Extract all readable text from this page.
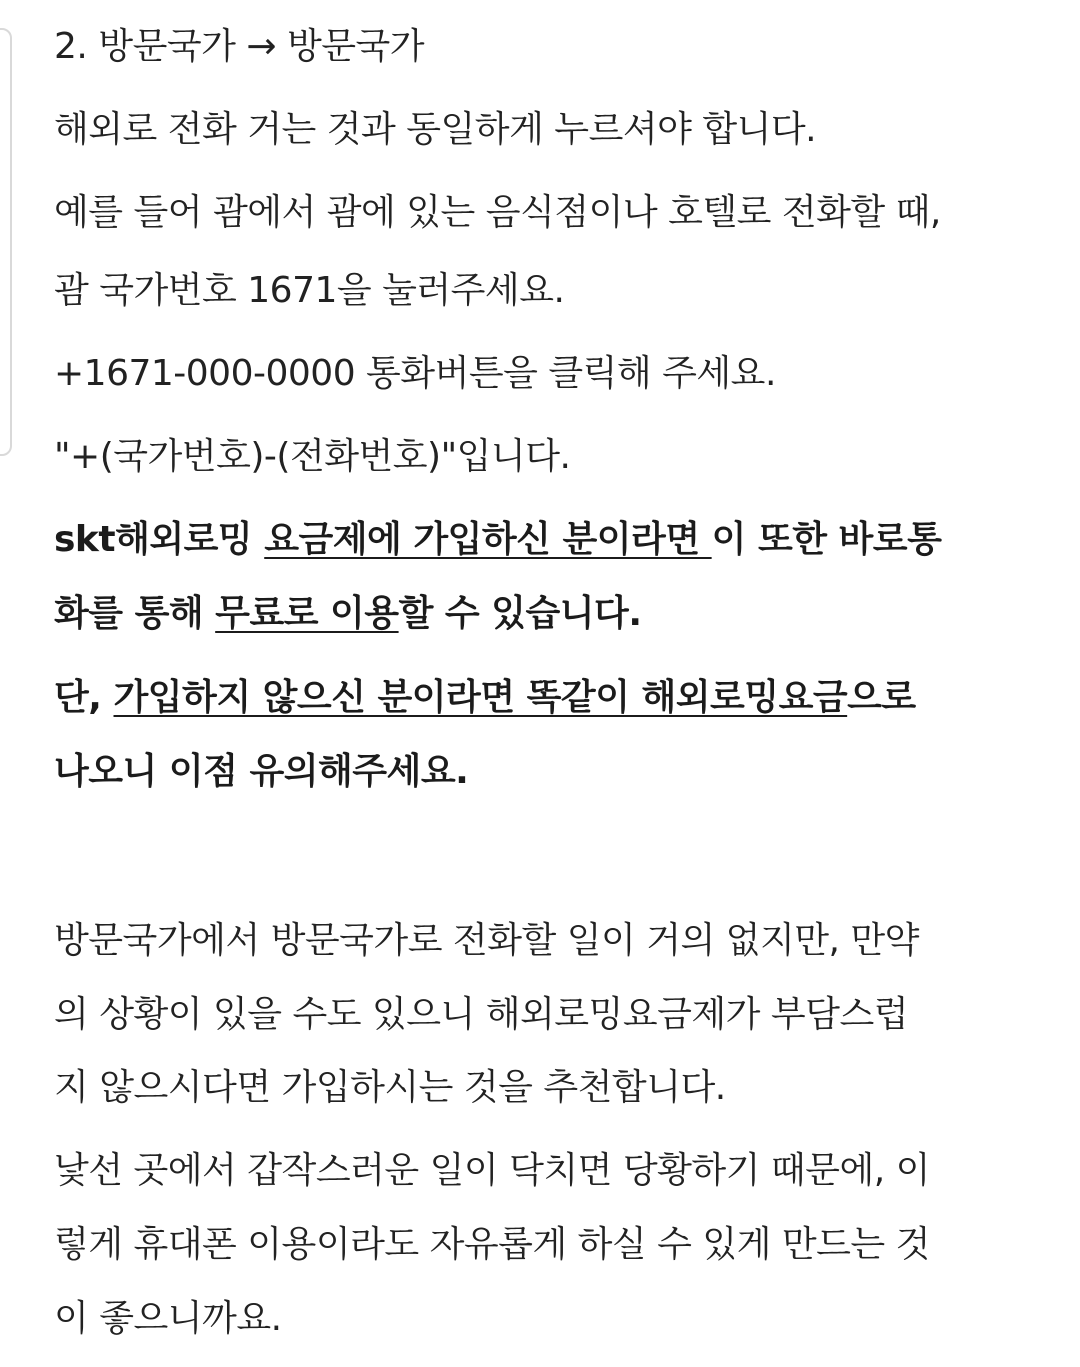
2. 방문국가 → 방문국가
해외로 전화 거는 것과 동일하게 누르셔야 합니다.
예를 들어 괌에서 괌에 있는 음식점이나 호텔로 전화할 때,
괌 국가번호 1671을 눌러주세요.
+1671-000-0000 통화버튼을 클릭해 주세요.
"+(국가번호)-(전화번호)"입니다.
skt해외로밍 요금제에 가입하신 분이라면 이 또한 바로통
화를 통해 무료로 이용할 수 있습니다.
단, 가입하지 않으신 분이라면 똑같이 해외로밍요금으로
나오니 이점 유의해주세요.
방문국가에서 방문국가로 전화할 일이 거의 없지만, 만약
의 상황이 있을 수도 있으니 해외로밍요금제가 부담스럽
지 않으시다면 가입하시는 것을 추천합니다.
낯선 곳에서 갑작스러운 일이 닥치면 당황하기 때문에, 이
렇게 휴대폰 이용이라도 자유롭게 하실 수 있게 만드는 것
이 좋으니까요.
